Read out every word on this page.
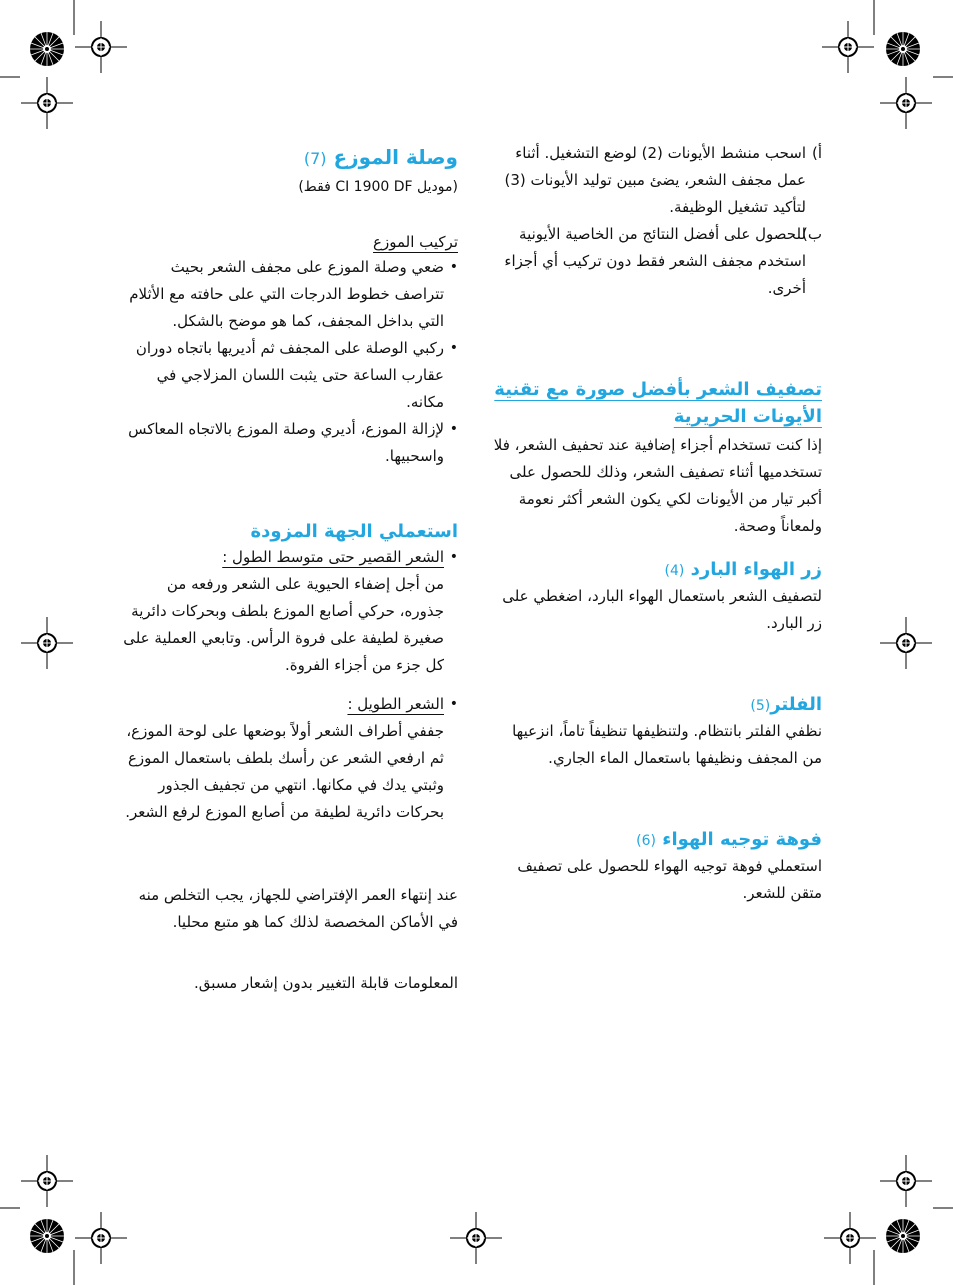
أ)
اسحب منشط الأيونات (2) لوضع التشغيل. أثناء عمل مجفف الشعر، يضئ مبين توليد الأيونات (3) لتأكيد تشغيل الوظيفة.
ب)
للحصول على أفضل النتائج من الخاصية الأيونية استخدم مجفف الشعر فقط دون تركيب أي أجزاء أخرى.
تصفيف الشعر بأفضل صورة مع تقنية الأيونات الحريرية

إذا كنت تستخدام أجزاء إضافية عند تحفيف الشعر، فلا تستخدميها أثناء تصفيف الشعر، وذلك للحصول على أكبر تيار من الأيونات لكي يكون الشعر أكثر نعومة ولمعاناً وصحة.

زر الهواء البارد (4)

لتصفيف الشعر باستعمال الهواء البارد، اضغطي على زر البارد.

الفلتر(5)

نظفي الفلتر بانتظام. ولتنظيفها تنظيفاً تاماً، انزعيها من المجفف ونظيفها باستعمال الماء الجاري.

فوهة توجيه الهواء (6)

استعملي فوهة توجيه الهواء للحصول على تصفيف متقن للشعر.

وصلة الموزع (7)
(موديل CI 1900 DF فقط)
تركيب الموزع
• ضعي وصلة الموزع على مجفف الشعر بحيث تتراصف خطوط الدرجات التي على حافته مع الأثلام التي بداخل المجفف، كما هو موضح بالشكل.
• ركبي الوصلة على المجفف ثم أديريها باتجاه دوران عقارب الساعة حتى يثبت اللسان المزلاجي في مكانه.
• لإزالة الموزع، أديري وصلة الموزع بالاتجاه المعاكس واسحبيها.
استعملي الجهة المزودة
• الشعر القصير حتى متوسط الطول :
من أجل إضفاء الحيوية على الشعر ورفعه من جذوره، حركي أصابع الموزع بلطف وبحركات دائرية صغيرة لطيفة على فروة الرأس. وتابعي العملية على كل جزء من أجزاء الفروة.
• الشعر الطويل :
جففي أطراف الشعر أولاً بوضعها على لوحة الموزع، ثم ارفعي الشعر عن رأسك بلطف باستعمال الموزع وثبتي يدك في مكانها. انتهي من تجفيف الجذور بحركات دائرية لطيفة من أصابع الموزع لرفع الشعر.

عند إنتهاء العمر الإفتراضي للجهاز، يجب التخلص منه في الأماكن المخصصة لذلك كما هو متبع محليا.

المعلومات قابلة التغيير بدون إشعار مسبق.
